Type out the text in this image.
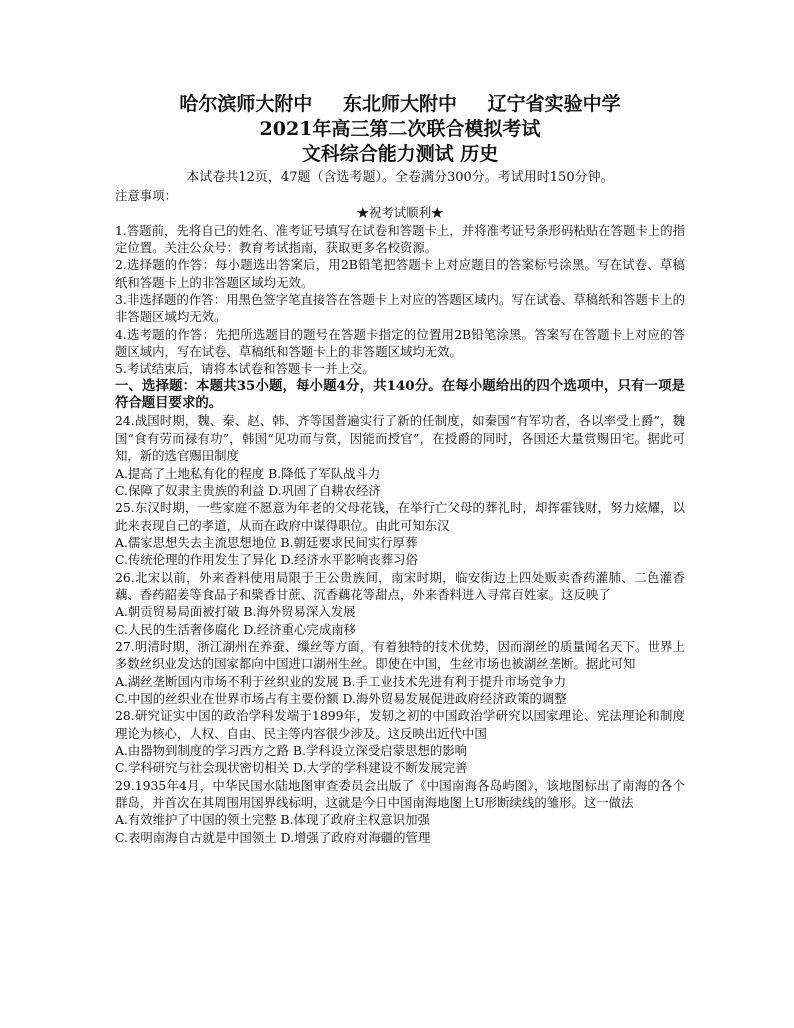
哈尔滨师大附中 东北师大附中 辽宁省实验中学
2021年高三第二次联合模拟考试
文科综合能力测试 历史
本试卷共12页，47题（含选考题）。全卷满分300分。考试用时150分钟。

注意事项：

★祝考试顺利★

1.答题前，先将自己的姓名、准考证号填写在试卷和答题卡上，并将准考证号条形码粘贴在答题卡上的指定位置。关注公众号：教育考试指南，获取更多名校资源。

2.选择题的作答：每小题选出答案后，用2B铅笔把答题卡上对应题目的答案标号涂黑。写在试卷、草稿纸和答题卡上的非答题区域均无效。

3.非选择题的作答：用黑色签字笔直接答在答题卡上对应的答题区域内。写在试卷、草稿纸和答题卡上的非答题区域均无效。

4.选考题的作答：先把所选题目的题号在答题卡指定的位置用2B铅笔涂黑。答案写在答题卡上对应的答题区域内，写在试卷、草稿纸和答题卡上的非答题区域均无效。

5.考试结束后，请将本试卷和答题卡一并上交。

一、选择题：本题共35小题，每小题4分，共140分。在每小题给出的四个选项中，只有一项是符合题目要求的。

24.战国时期，魏、秦、赵、韩、齐等国普遍实行了新的任制度，如秦国“有军功者，各以率受上爵”，魏国“食有劳而禄有功”，韩国“见功而与赏，因能而授官”，在授爵的同时，各国还大量赏赐田宅。据此可知，新的选官赐田制度

A.提高了土地私有化的程度 B.降低了军队战斗力

C.保障了奴隶主贵族的利益 D.巩固了自耕农经济

25.东汉时期，一些家庭不愿意为年老的父母花钱，在举行亡父母的葬礼时，却挥霍钱财，努力炫耀，以此来表现自己的孝道，从而在政府中谋得职位。由此可知东汉

A.儒家思想失去主流思想地位 B.朝廷要求民间实行厚葬

C.传统伦理的作用发生了异化 D.经济水平影响丧葬习俗

26.北宋以前，外来香料使用局限于王公贵族间，南宋时期，临安街边上四处贩卖香药灌肺、二色灌香藕、香药韶姜等食品子和檗香甘蔗、沉香藕花等甜点，外来香料进入寻常百姓家。这反映了

A.朝贡贸易局面被打破 B.海外贸易深入发展

C.人民的生活奢侈腐化 D.经济重心完成南移

27.明清时期，浙江湖州在养蚕、缫丝等方面，有着独特的技术优势，因而湖丝的质量闻名天下。世界上多数丝织业发达的国家都向中国进口湖州生丝。即使在中国，生丝市场也被湖丝垄断。据此可知

A.湖丝垄断国内市场不利于丝织业的发展 B.手工业技术先进有利于提升市场竞争力

C.中国的丝织业在世界市场占有主要份额 D.海外贸易发展促进政府经济政策的调整

28.研究证实中国的政治学科发端于1899年，发轫之初的中国政治学研究以国家理论、宪法理论和制度理论为核心，人权、自由、民主等内容很少涉及。这反映出近代中国

A.由器物到制度的学习西方之路 B.学科设立深受启蒙思想的影响

C.学科研究与社会现状密切相关 D.大学的学科建设不断发展完善

29.1935年4月，中华民国水陆地图审查委员会出版了《中国南海各岛屿图》，该地图标出了南海的各个群岛，并首次在其周围用国界线标明，这就是今日中国南海地图上U形断续线的雏形。这一做法

A.有效维护了中国的领土完整 B.体现了政府主权意识加强

C.表明南海自古就是中国领土 D.增强了政府对海疆的管理
